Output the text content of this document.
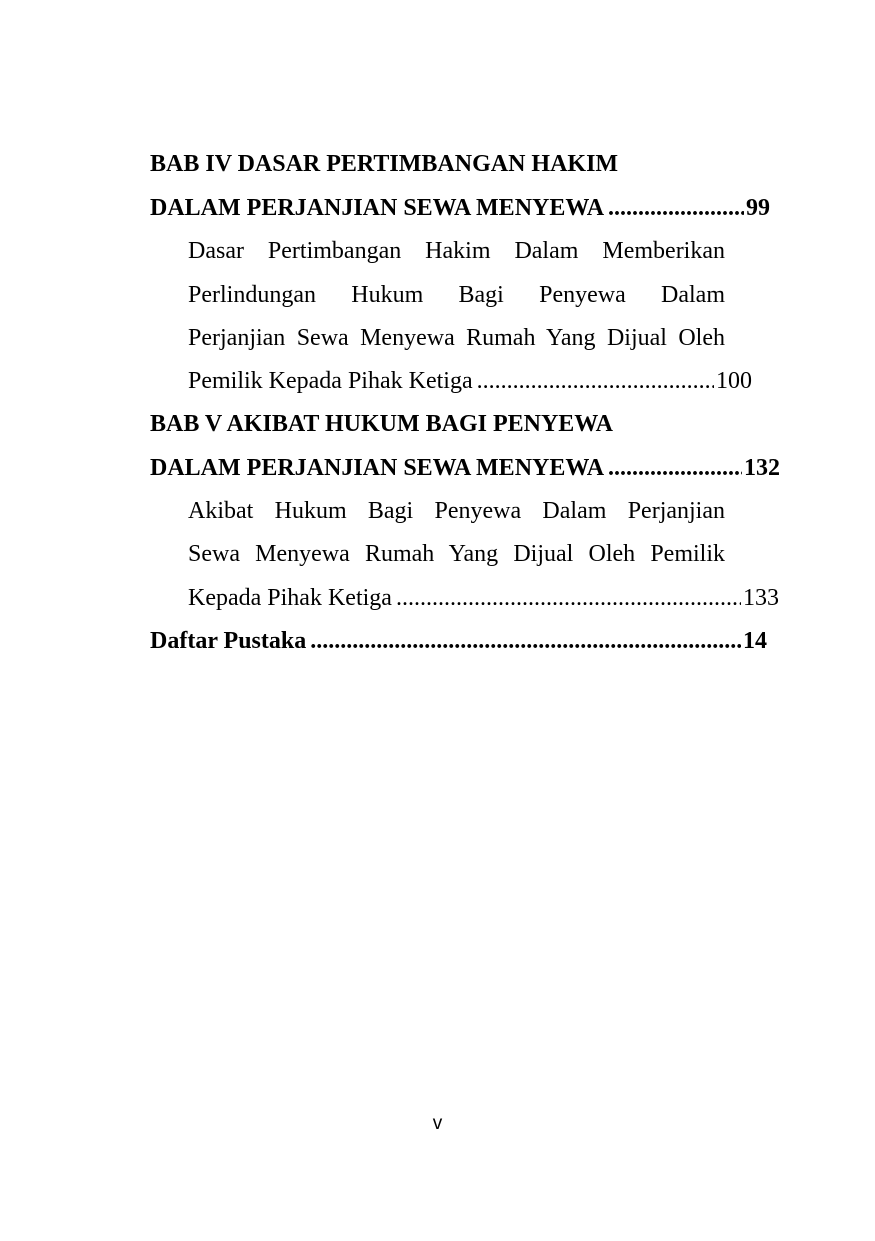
BAB IV DASAR PERTIMBANGAN HAKIM
DALAM PERJANJIAN SEWA MENYEWA .....	99
Dasar Pertimbangan Hakim Dalam Memberikan
Perlindungan Hukum Bagi Penyewa Dalam
Perjanjian Sewa Menyewa Rumah Yang Dijual Oleh
Pemilik Kepada Pihak Ketiga .....	100
BAB V AKIBAT HUKUM BAGI PENYEWA
DALAM PERJANJIAN SEWA MENYEWA .....	132
Akibat Hukum Bagi Penyewa Dalam Perjanjian
Sewa Menyewa Rumah Yang Dijual Oleh Pemilik
Kepada Pihak Ketiga .....	133
Daftar Pustaka .....	14
v
